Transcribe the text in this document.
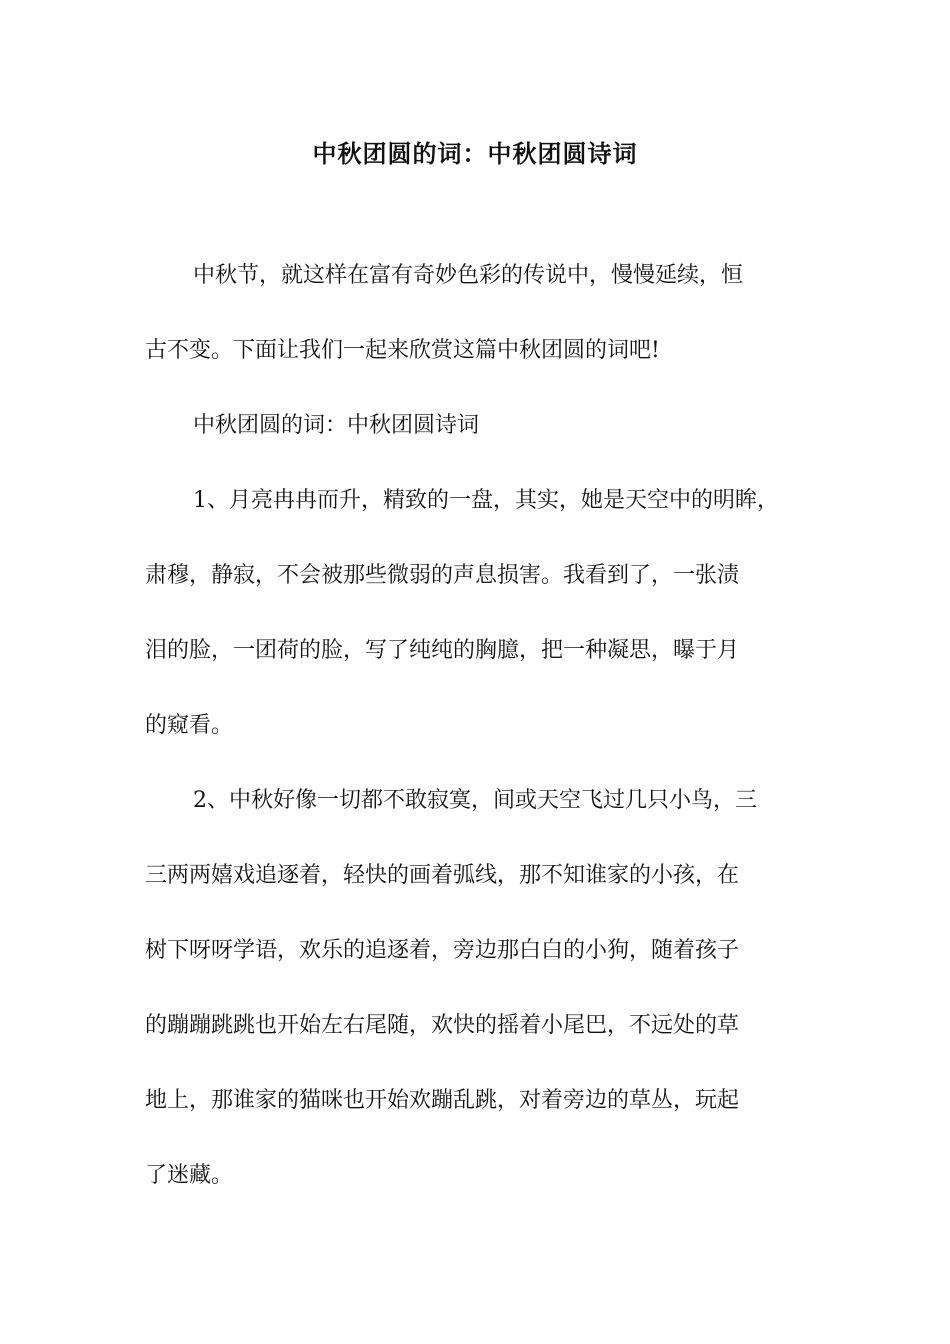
中秋团圆的词：中秋团圆诗词
中秋节，就这样在富有奇妙色彩的传说中，慢慢延续，恒
古不变。下面让我们一起来欣赏这篇中秋团圆的词吧!
中秋团圆的词：中秋团圆诗词
1、月亮冉冉而升，精致的一盘，其实，她是天空中的明眸，
肃穆，静寂，不会被那些微弱的声息损害。我看到了，一张渍
泪的脸，一团荷的脸，写了纯纯的胸臆，把一种凝思，曝于月
的窥看。
2、中秋好像一切都不敢寂寞，间或天空飞过几只小鸟，三
三两两嬉戏追逐着，轻快的画着弧线，那不知谁家的小孩，在
树下呀呀学语，欢乐的追逐着，旁边那白白的小狗，随着孩子
的蹦蹦跳跳也开始左右尾随，欢快的摇着小尾巴，不远处的草
地上，那谁家的猫咪也开始欢蹦乱跳，对着旁边的草丛，玩起
了迷藏。
